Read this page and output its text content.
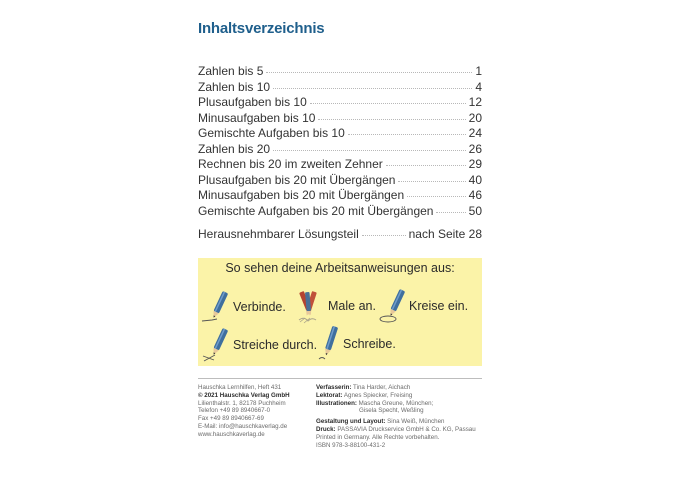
Inhaltsverzeichnis
Zahlen bis 5	1
Zahlen bis 10	4
Plusaufgaben bis 10	12
Minusaufgaben bis 10	20
Gemischte Aufgaben bis 10	24
Zahlen bis 20	26
Rechnen bis 20 im zweiten Zehner	29
Plusaufgaben bis 20 mit Übergängen	40
Minusaufgaben bis 20 mit Übergängen	46
Gemischte Aufgaben bis 20 mit Übergängen	50
Herausnehmbarer Lösungsteil	nach Seite 28
So sehen deine Arbeitsanweisungen aus:
Verbinde.	Male an.	Kreise ein.
Streiche durch. Schreibe.
Hauschka Lernhilfen, Heft 431
© 2021 Hauschka Verlag GmbH
Lilienthalstr. 1, 82178 Puchheim
Telefon +49 89 8940667-0
Fax +49 89 8940667-69
E-Mail: info@hauschkaverlag.de
www.hauschkaverlag.de
Verfasserin: Tina Harder, Aichach
Lektorat: Agnes Spiecker, Freising
Illustrationen: Mascha Greune, München;
Gisela Specht, Weßling
Gestaltung und Layout: Sina Weiß, München
Druck: PASSAVIA Druckservice GmbH & Co. KG, Passau
Printed in Germany. Alle Rechte vorbehalten.
ISBN 978-3-88100-431-2
